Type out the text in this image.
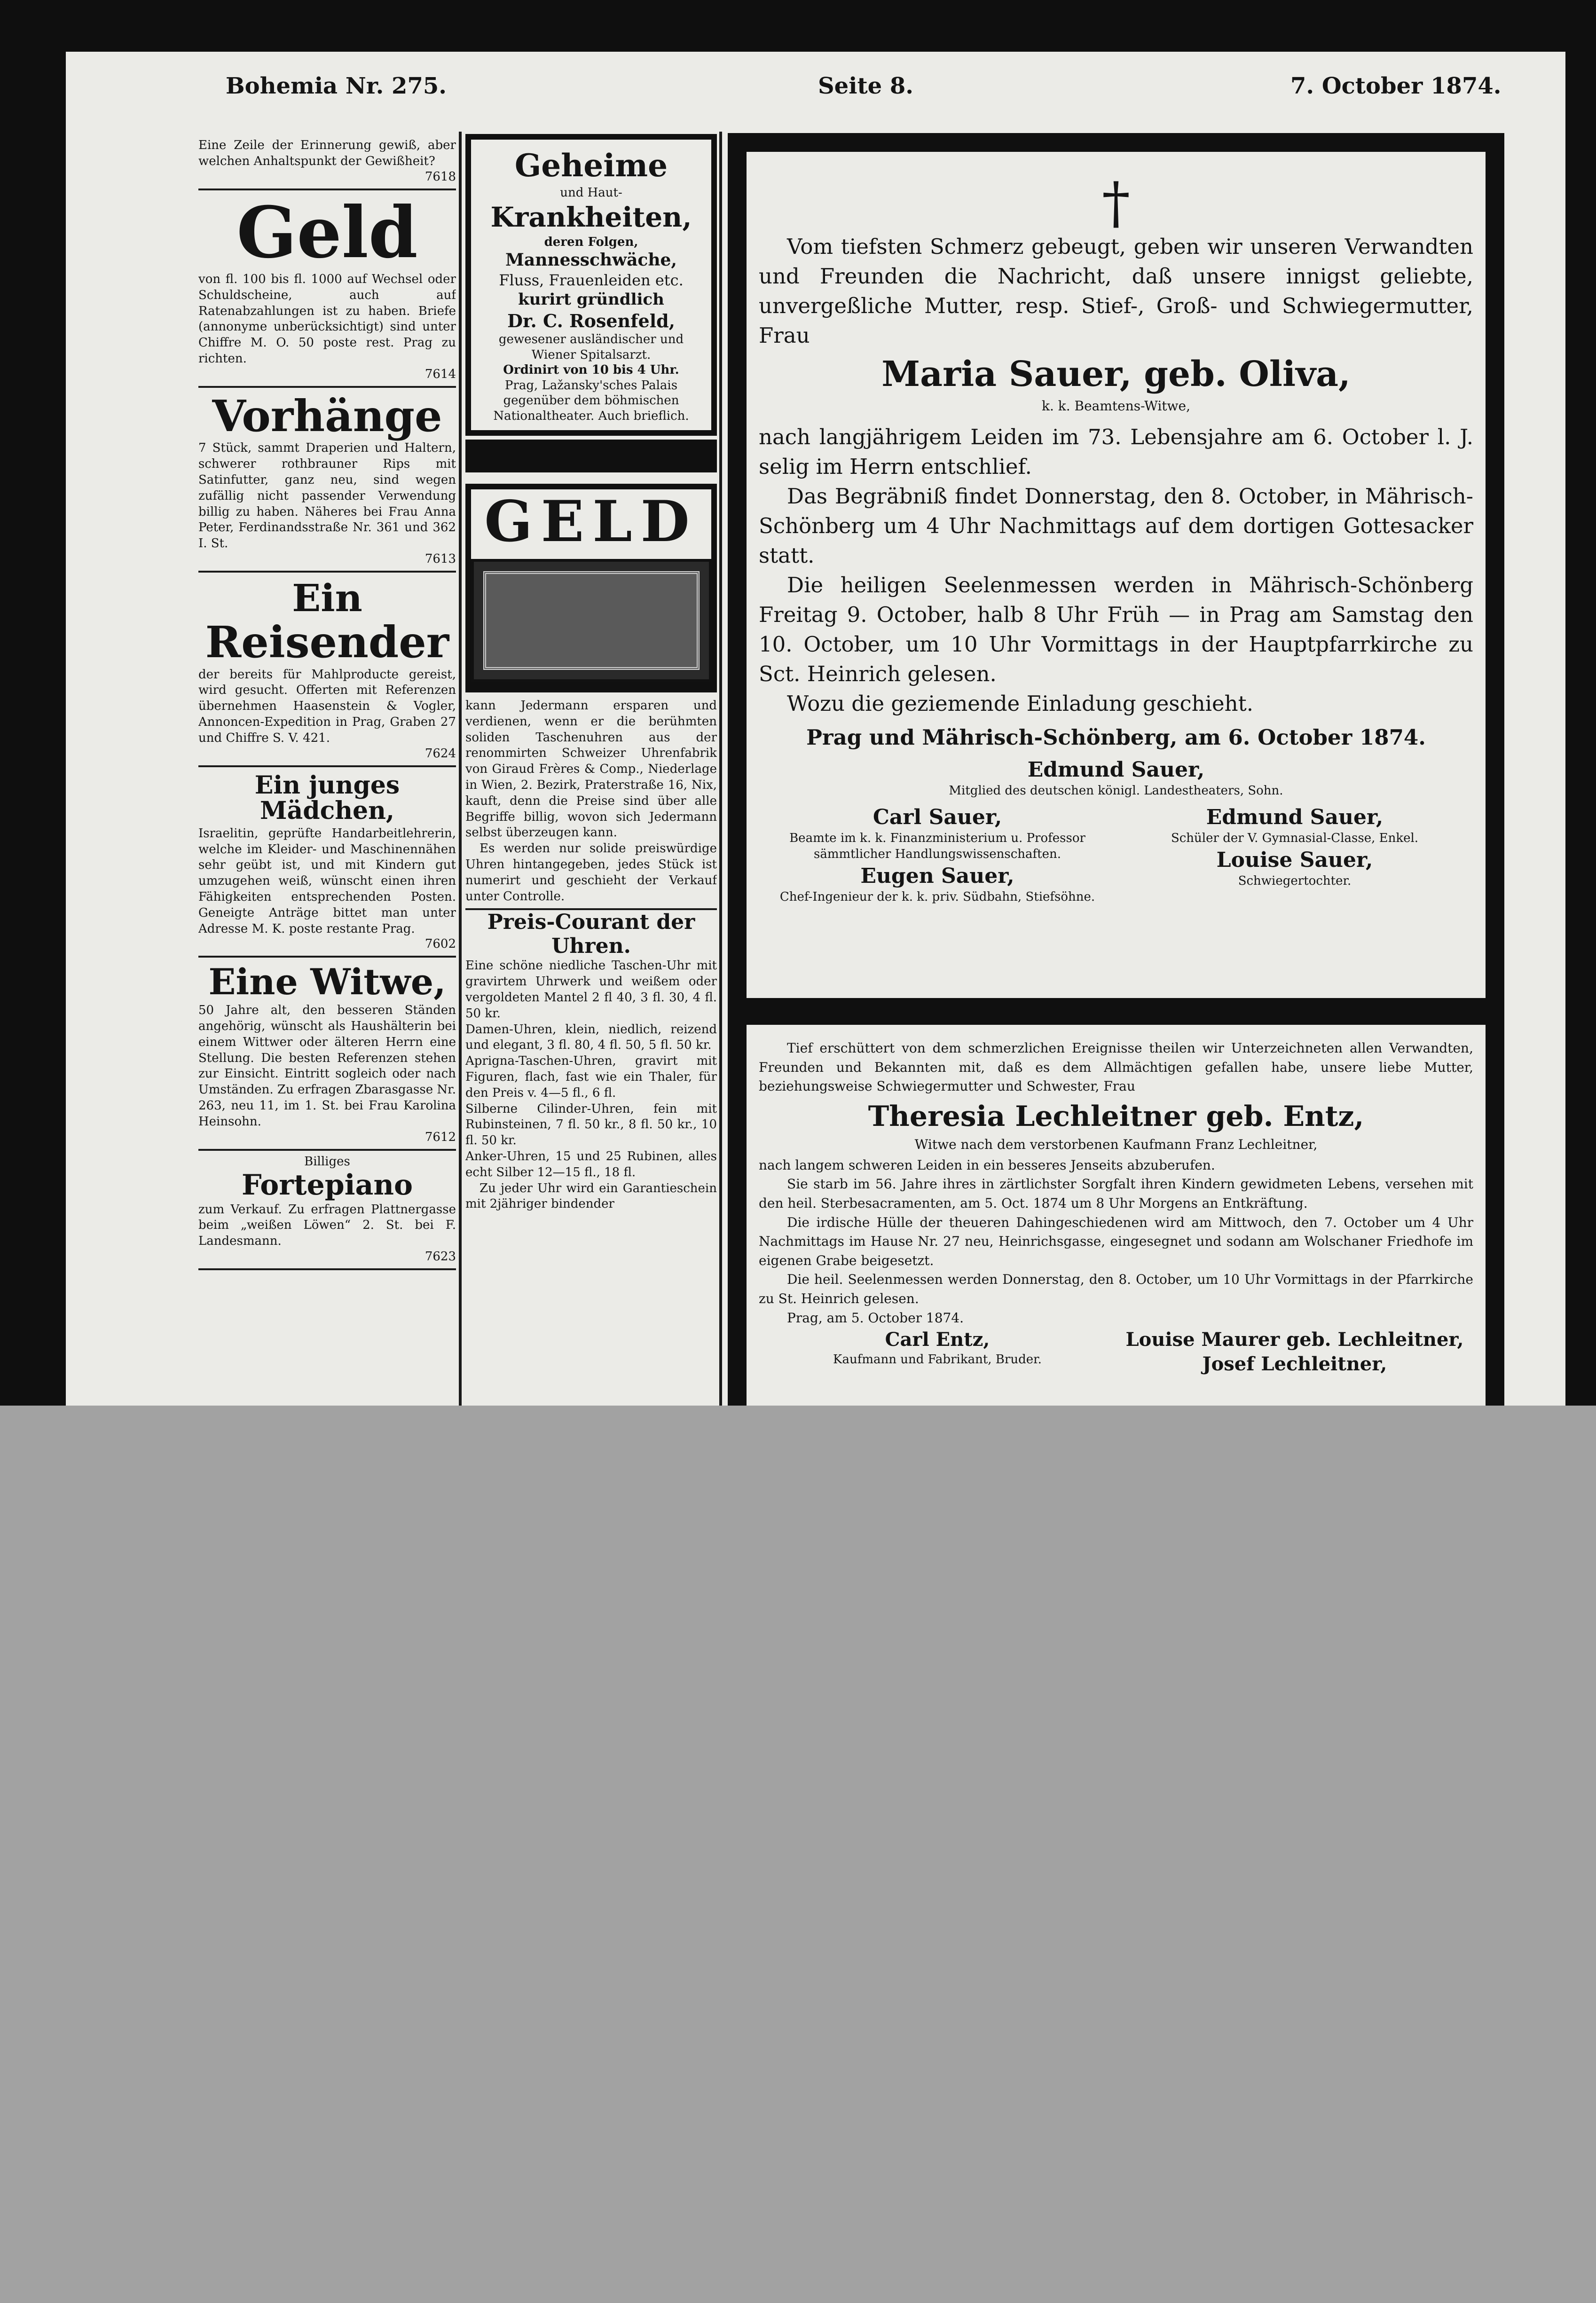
Bohemia Nr. 275.	Seite 8.	7. October 1874.

Eine Zeile der Erinnerung gewiß, aber welchen Anhaltspunkt der Gewißheit?

7618
Geld

von fl. 100 bis fl. 1000 auf Wechsel oder Schuldscheine, auch auf Ratenabzahlungen ist zu haben. Briefe (annonyme unberücksichtigt) sind unter Chiffre M. O. 50 poste rest. Prag zu richten.

7614
Vorhänge

7 Stück, sammt Draperien und Haltern, schwerer rothbrauner Rips mit Satinfutter, ganz neu, sind wegen zufällig nicht passender Verwendung billig zu haben. Näheres bei Frau Anna Peter, Ferdinandsstraße Nr. 361 und 362 I. St.

7613
Ein
Reisender

der bereits für Mahlproducte gereist, wird gesucht. Offerten mit Referenzen übernehmen Haasenstein & Vogler, Annoncen-Expedition in Prag, Graben 27 und Chiffre S. V. 421.

7624
Ein junges Mädchen,

Israelitin, geprüfte Handarbeitlehrerin, welche im Kleider- und Maschinennähen sehr geübt ist, und mit Kindern gut umzugehen weiß, wünscht einen ihren Fähigkeiten entsprechenden Posten. Geneigte Anträge bittet man unter Adresse M. K. poste restante Prag.

7602
Eine Witwe,

50 Jahre alt, den besseren Ständen angehörig, wünscht als Haushälterin bei einem Wittwer oder älteren Herrn eine Stellung. Die besten Referenzen stehen zur Einsicht. Eintritt sogleich oder nach Umständen. Zu erfragen Zbarasgasse Nr. 263, neu 11, im 1. St. bei Frau Karolina Heinsohn.

7612
Billiges
Fortepiano

zum Verkauf. Zu erfragen Plattnergasse beim „weißen Löwen“ 2. St. bei F. Landesmann.

7623
Geheime
und Haut-
Krankheiten,
deren Folgen,
Mannesschwäche,
Fluss, Frauenleiden etc.
kurirt gründlich
Dr. C. Rosenfeld,
gewesener ausländischer und Wiener Spitalsarzt.
Ordinirt von 10 bis 4 Uhr.
Prag, Lažansky'sches Palais gegenüber dem böhmischen Nationaltheater. Auch brieflich.
GELD

kann Jedermann ersparen und verdienen, wenn er die berühmten soliden Taschenuhren aus der renommirten Schweizer Uhrenfabrik von Giraud Frères & Comp., Niederlage in Wien, 2. Bezirk, Praterstraße 16, Nix, kauft, denn die Preise sind über alle Begriffe billig, wovon sich Jedermann selbst überzeugen kann.

Es werden nur solide preiswürdige Uhren hintangegeben, jedes Stück ist numerirt und geschieht der Verkauf unter Controlle.

Preis-Courant der Uhren.

Eine schöne niedliche Taschen-Uhr mit gravirtem Uhrwerk und weißem oder vergoldeten Mantel 2 fl 40, 3 fl. 30, 4 fl. 50 kr.

Damen-Uhren, klein, niedlich, reizend und elegant, 3 fl. 80, 4 fl. 50, 5 fl. 50 kr.

Aprigna-Taschen-Uhren, gravirt mit Figuren, flach, fast wie ein Thaler, für den Preis v. 4—5 fl., 6 fl.

Silberne Cilinder-Uhren, fein mit Rubinsteinen, 7 fl. 50 kr., 8 fl. 50 kr., 10 fl. 50 kr.

Anker-Uhren, 15 und 25 Rubinen, alles echt Silber 12—15 fl., 18 fl.

Zu jeder Uhr wird ein Garantieschein mit 2jähriger bindender

†

Vom tiefsten Schmerz gebeugt, geben wir unseren Verwandten und Freunden die Nachricht, daß unsere innigst geliebte, unvergeßliche Mutter, resp. Stief-, Groß- und Schwiegermutter, Frau

Maria Sauer, geb. Oliva,
k. k. Beamtens-Witwe,

nach langjährigem Leiden im 73. Lebensjahre am 6. October l. J. selig im Herrn entschlief.

Das Begräbniß findet Donnerstag, den 8. October, in Mährisch-Schönberg um 4 Uhr Nachmittags auf dem dortigen Gottesacker statt.

Die heiligen Seelenmessen werden in Mährisch-Schönberg Freitag 9. October, halb 8 Uhr Früh — in Prag am Samstag den 10. October, um 10 Uhr Vormittags in der Hauptpfarrkirche zu Sct. Heinrich gelesen.

Wozu die geziemende Einladung geschieht.

Prag und Mährisch-Schönberg, am 6. October 1874.
Edmund Sauer,
Mitglied des deutschen königl. Landestheaters, Sohn.
Carl Sauer,
Beamte im k. k. Finanzministerium u. Professor sämmtlicher Handlungswissenschaften.
Eugen Sauer,
Chef-Ingenieur der k. k. priv. Südbahn, Stiefsöhne.
Edmund Sauer,
Schüler der V. Gymnasial-Classe, Enkel.
Louise Sauer,
Schwiegertochter.

Tief erschüttert von dem schmerzlichen Ereignisse theilen wir Unterzeichneten allen Verwandten, Freunden und Bekannten mit, daß es dem Allmächtigen gefallen habe, unsere liebe Mutter, beziehungsweise Schwiegermutter und Schwester, Frau

Theresia Lechleitner geb. Entz,
Witwe nach dem verstorbenen Kaufmann Franz Lechleitner,

nach langem schweren Leiden in ein besseres Jenseits abzuberufen.

Sie starb im 56. Jahre ihres in zärtlichster Sorgfalt ihren Kindern gewidmeten Lebens, versehen mit den heil. Sterbesacramenten, am 5. Oct. 1874 um 8 Uhr Morgens an Entkräftung.

Die irdische Hülle der theueren Dahingeschiedenen wird am Mittwoch, den 7. October um 4 Uhr Nachmittags im Hause Nr. 27 neu, Heinrichsgasse, eingesegnet und sodann am Wolschaner Friedhofe im eigenen Grabe beigesetzt.

Die heil. Seelenmessen werden Donnerstag, den 8. October, um 10 Uhr Vormittags in der Pfarrkirche zu St. Heinrich gelesen.

Prag, am 5. October 1874.

Carl Entz,
Kaufmann und Fabrikant, Bruder.
Louise Maurer geb. Lechleitner,
Josef Lechleitner,
